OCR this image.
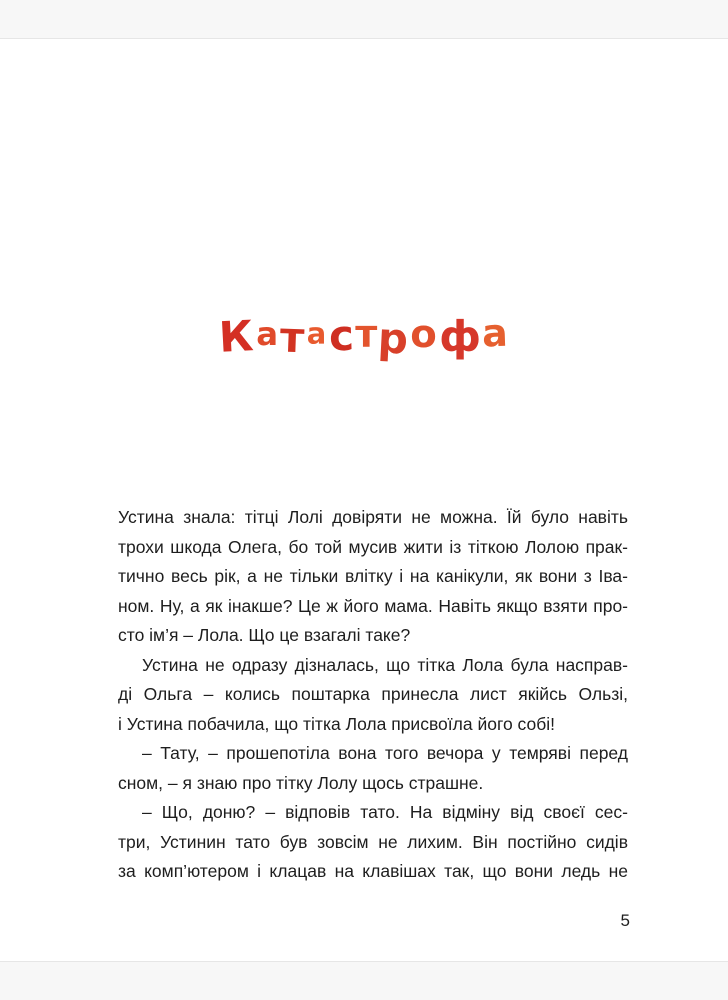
Катастрофа
Устина знала: тітці Лолі довіряти не можна. Їй було навіть
трохи шкода Олега, бо той мусив жити із тіткою Лолою прак-
тично весь рік, а не тільки влітку і на канікули, як вони з Іва-
ном. Ну, а як інакше? Це ж його мама. Навіть якщо взяти про-
сто ім’я – Лола. Що це взагалі таке?
Устина не одразу дізналась, що тітка Лола була насправ-
ді Ольга – колись поштарка принесла лист якійсь Ользі,
і Устина побачила, що тітка Лола присвоїла його собі!
– Тату, – прошепотіла вона того вечора у темряві перед
сном, – я знаю про тітку Лолу щось страшне.
– Що, доню? – відповів тато. На відміну від своєї сес-
три, Устинин тато був зовсім не лихим. Він постійно сидів
за комп’ютером і клацав на клавішах так, що вони ледь не
5
